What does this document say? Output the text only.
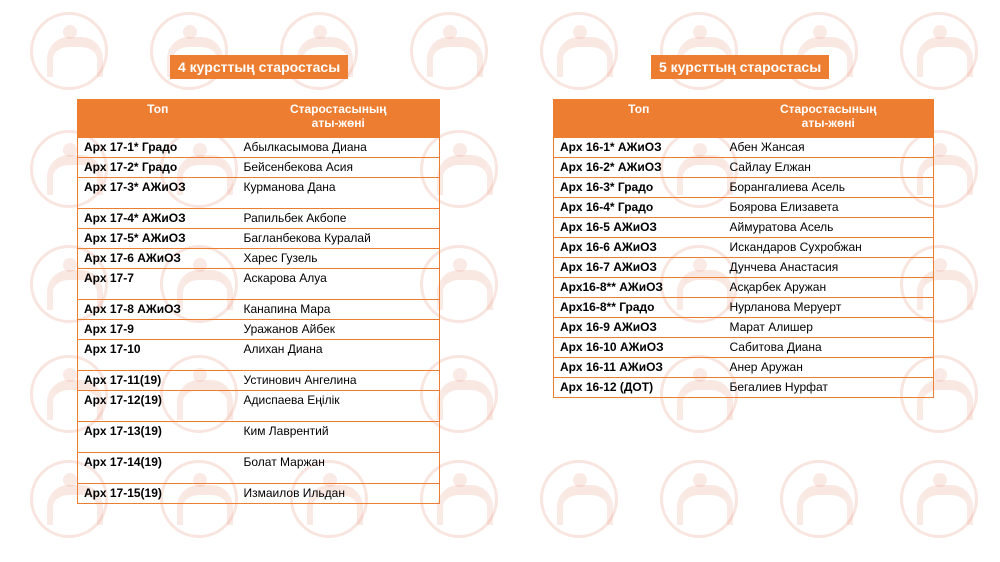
4 курсттың старостасы
Топ	Старостасының
аты-жөні

Арх 17-1* Градо	Абылкасымова Диана
Арх 17-2* Градо	Бейсенбекова Асия
Арх 17-3* АЖиОЗ	Курманова Дана
Арх 17-4* АЖиОЗ	Рапильбек Акбопе
Арх 17-5* АЖиОЗ	Багланбекова Куралай
Арх 17-6 АЖиОЗ	Харес Гузель
Арх 17-7	Аскарова Алуа
Арх 17-8 АЖиОЗ	Канапина Мара
Арх 17-9	Уражанов Айбек
Арх 17-10	Алихан Диана
Арх 17-11(19)	Устинович Ангелина
Арх 17-12(19)	Адиспаева Еңілік
Арх 17-13(19)	Ким Лаврентий
Арх 17-14(19)	Болат Маржан
Арх 17-15(19)	Измаилов Ильдан
5 курсттың старостасы
Топ	Старостасының
аты-жөні

Арх 16-1* АЖиОЗ	Абен Жансая
Арх 16-2* АЖиОЗ	Сайлау Елжан
Арх 16-3* Градо	Борангалиева Асель
Арх 16-4* Градо	Боярова Елизавета
Арх 16-5 АЖиОЗ	Аймуратова Асель
Арх 16-6 АЖиОЗ	Искандаров Сухробжан
Арх 16-7 АЖиОЗ	Дунчева Анастасия
Арх16-8** АЖиОЗ	Асқарбек Аружан
Арх16-8** Градо	Нурланова Меруерт
Арх 16-9 АЖиОЗ	Марат Алишер
Арх 16-10 АЖиОЗ	Сабитова Диана
Арх 16-11 АЖиОЗ	Анер Аружан
Арх 16-12 (ДОТ)	Бегалиев Нурфат
